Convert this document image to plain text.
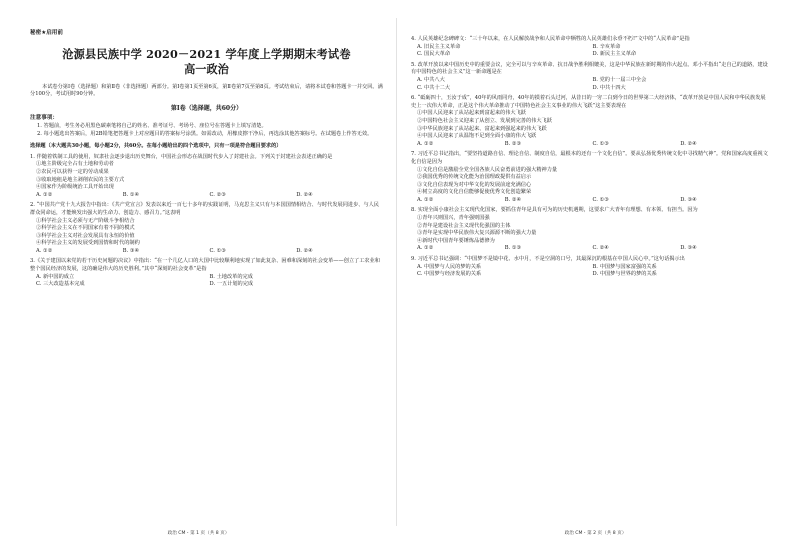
秘密★启用前
沧源县民族中学 2020－2021 学年度上学期期末考试卷
高一政治
本试卷分第Ⅰ卷（选择题）和第Ⅱ卷（非选择题）两部分。第Ⅰ卷第1页至第6页，第Ⅱ卷第7页至第8页。考试结束后，请将本试卷和答题卡一并交回。满分100分，考试用时90分钟。
第Ⅰ卷（选择题，共60分）
注意事项：
1. 答题前，考生务必用黑色碳素笔将自己的姓名、准考证号、考场号、座位号在答题卡上填写清楚。
2. 每小题选出答案后，用2B铅笔把答题卡上对应题目的答案标号涂黑。如需改动，用橡皮擦干净后，再选涂其他答案标号。在试题卷上作答无效。
选择题（本大题共30小题，每小题2分，共60分。在每小题给出的四个选项中，只有一项是符合题目要求的）
1. 伴随着铁制工具的使用，奴隶社会逐步退出历史舞台，中国社会形态在战国时代步入了封建社会。下列关于封建社会表述正确的是
①地主阶级完全占有土地和劳动者
②农民可以获得一定的劳动成果
③收取地租是地主剥削农民的主要方式
④国家作为阶级统治工具开始出现
A. ①②	B. ①④	C. ②③	D. ②④
2. “中国共产党十九大报告中指出：《共产党宣言》发表以来近一百七十多年的实践证明，马克思主义只有与本国国情相结合、与时代发展同进步、与人民群众同命运，才能焕发出强大的生命力、创造力、感召力。”这表明
①科学社会主义必须与无产阶级斗争相结合
②科学社会主义在不同国家有着不同的模式
③科学社会主义对社会发展具有永恒的价值
④科学社会主义的发展受到国情和时代的制约
A. ①②	B. ③④	C. ①③	D. ②④
3.《关于建国以来党的若干历史问题的决议》中指出：“在一个几亿人口的大国中比较顺利地实现了如此复杂、困难和深刻的社会变革——创立了工农业和整个国民经济的发展，这的确是伟大的历史胜利。”其中“深刻的社会变革”是指
A. 新中国的成立	B. 土地改革的完成
C. 三大改造基本完成	D. 一五计划的完成
政治 CM・第 1 页（共 8 页）
4. 人民英雄纪念碑碑文：“三十年以来，在人民解放战争和人民革命中牺牲的人民英雄们永垂不朽!”文中的“人民革命”是指
A. 旧民主主义革命	B. 辛亥革命
C. 国民大革命	D. 新民主主义革命
5. 改革开放以来中国历史中的重要会议，完全可以与辛亥革命、抗日战争胜利相媲美，这是中华民族在新时期的伟大起点。邓小平指出“走自己的道路，建设有中国特色的社会主义”这一新命题是在
A. 中共八大	B. 党的十一届三中全会
C. 中共十二大	D. 中共十四大
6. “砥砺四十，玉汝于成”，40年的风雨同舟，40年的摸着石头过河，从昔日的一穷二白到今日的世界第二大经济体，“改革开放是中国人民和中华民族发展史上一次伟大革命，正是这个伟大革命推动了中国特色社会主义事业的伟大飞跃”这主要表现在
①中国人民迎来了从站起来到富起来的伟大飞跃
②中国特色社会主义迎来了从创立、发展到完善的伟大飞跃
③中华民族迎来了从站起来、富起来到强起来的伟大飞跃
④中国人民迎来了从温饱不足到全面小康的伟大飞跃
A. ①②	B. ②③	C. ①③	D. ②④
7. 习近平总书记指出，“要坚持道路自信、理论自信、制度自信，最根本的还有一个文化自信”。要从弘扬优秀传统文化中寻找精气神”。党和国家高度重视文化自信是因为
①文化自信是激励全党全国各族人民奋勇前进的强大精神力量
②我国优秀的传统文化能为治国理政提供有益启示
③文化自信表现为对中华文化的发展前途充满信心
④树立高度的文化自信能够促使优秀文化创造繁荣
A. ①②	B. ②④	C. ①③	D. ③④
8. 实现全面小康社会主义现代化国家，要抓住青年是具有可为的历史机遇期，这要求广大青年有理想、有本领、有担当。因为
①青年兴则国兴，青年强则国强
②青年是建设社会主义现代化强国的主体
③青年是实现中华民族伟大复兴源源不断的强大力量
④新时代中国青年要锤炼品德修为
A. ①②	B. ①③	C. ②④	D. ③④
9. 习近平总书记强调：“中国梦不是镜中花、水中月，不是空洞的口号，其最深沉的根基在中国人民心中。”这句话揭示出
A. 中国梦与人民的梦的关系	B. 中国梦与国家富强的关系
C. 中国梦与经济发展的关系	D. 中国梦与世界的梦的关系
政治 CM・第 2 页（共 8 页）
